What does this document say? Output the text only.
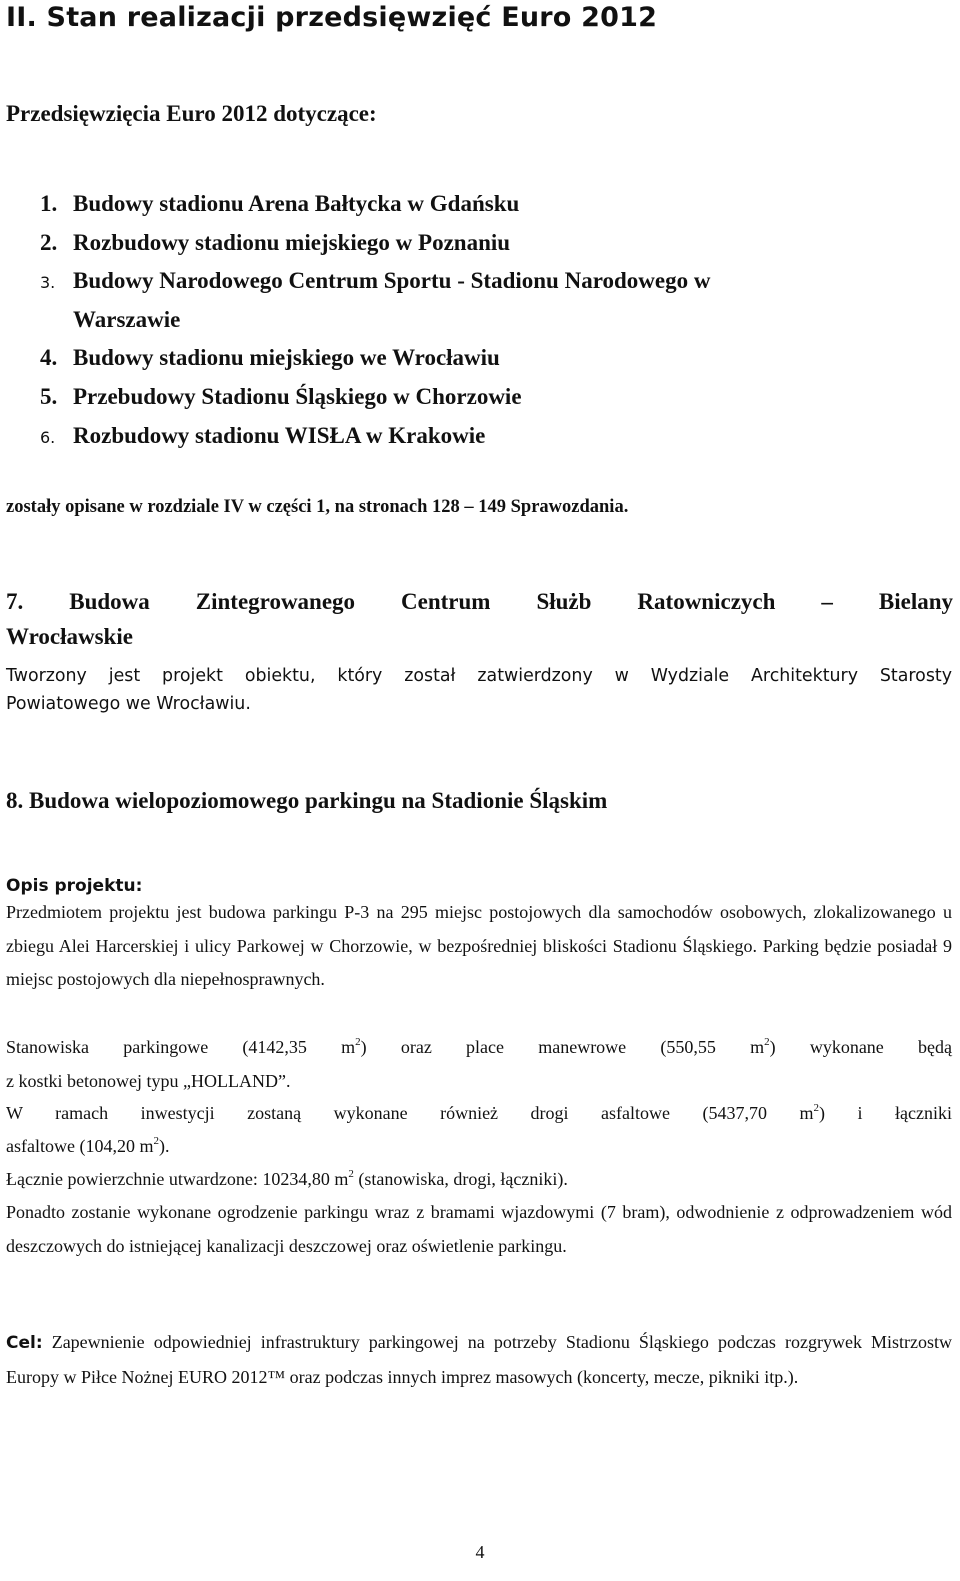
II. Stan realizacji przedsięwzięć Euro 2012
Przedsięwzięcia Euro 2012 dotyczące:
1. Budowy stadionu Arena Bałtycka w Gdańsku
2. Rozbudowy stadionu miejskiego w Poznaniu
3. Budowy Narodowego Centrum Sportu - Stadionu Narodowego w
Warszawie
4. Budowy stadionu miejskiego we Wrocławiu
5. Przebudowy Stadionu Śląskiego w Chorzowie
6. Rozbudowy stadionu WISŁA w Krakowie
zostały opisane w rozdziale IV w części 1, na stronach 128 – 149 Sprawozdania.
7. Budowa Zintegrowanego Centrum Służb Ratowniczych – Bielany
Wrocławskie
Tworzony jest projekt obiektu, który został zatwierdzony w Wydziale Architektury Starosty
Powiatowego we Wrocławiu.
8. Budowa wielopoziomowego parkingu na Stadionie Śląskim
Opis projektu:
Przedmiotem projektu jest budowa parkingu P-3 na 295 miejsc postojowych dla samochodów osobowych, zlokalizowanego u zbiegu Alei Harcerskiej i ulicy Parkowej w Chorzowie, w bezpośredniej bliskości Stadionu Śląskiego. Parking będzie posiadał 9 miejsc postojowych dla niepełnosprawnych.
Stanowiska parkingowe (4142,35 $m^2$) oraz place manewrowe (550,55 $m^2$) wykonane będą
z kostki betonowej typu „HOLLAND”.
W ramach inwestycji zostaną wykonane również drogi asfaltowe (5437,70 $m^2$) i łączniki
asfaltowe (104,20 $m^2$).
Łącznie powierzchnie utwardzone: 10234,80 $m^2$ (stanowiska, drogi, łączniki).
Ponadto zostanie wykonane ogrodzenie parkingu wraz z bramami wjazdowymi (7 bram), odwodnienie z odprowadzeniem wód deszczowych do istniejącej kanalizacji deszczowej oraz oświetlenie parkingu.
Cel: Zapewnienie odpowiedniej infrastruktury parkingowej na potrzeby Stadionu Śląskiego podczas rozgrywek Mistrzostw Europy w Piłce Nożnej EURO 2012™ oraz podczas innych imprez masowych (koncerty, mecze, pikniki itp.).
4
